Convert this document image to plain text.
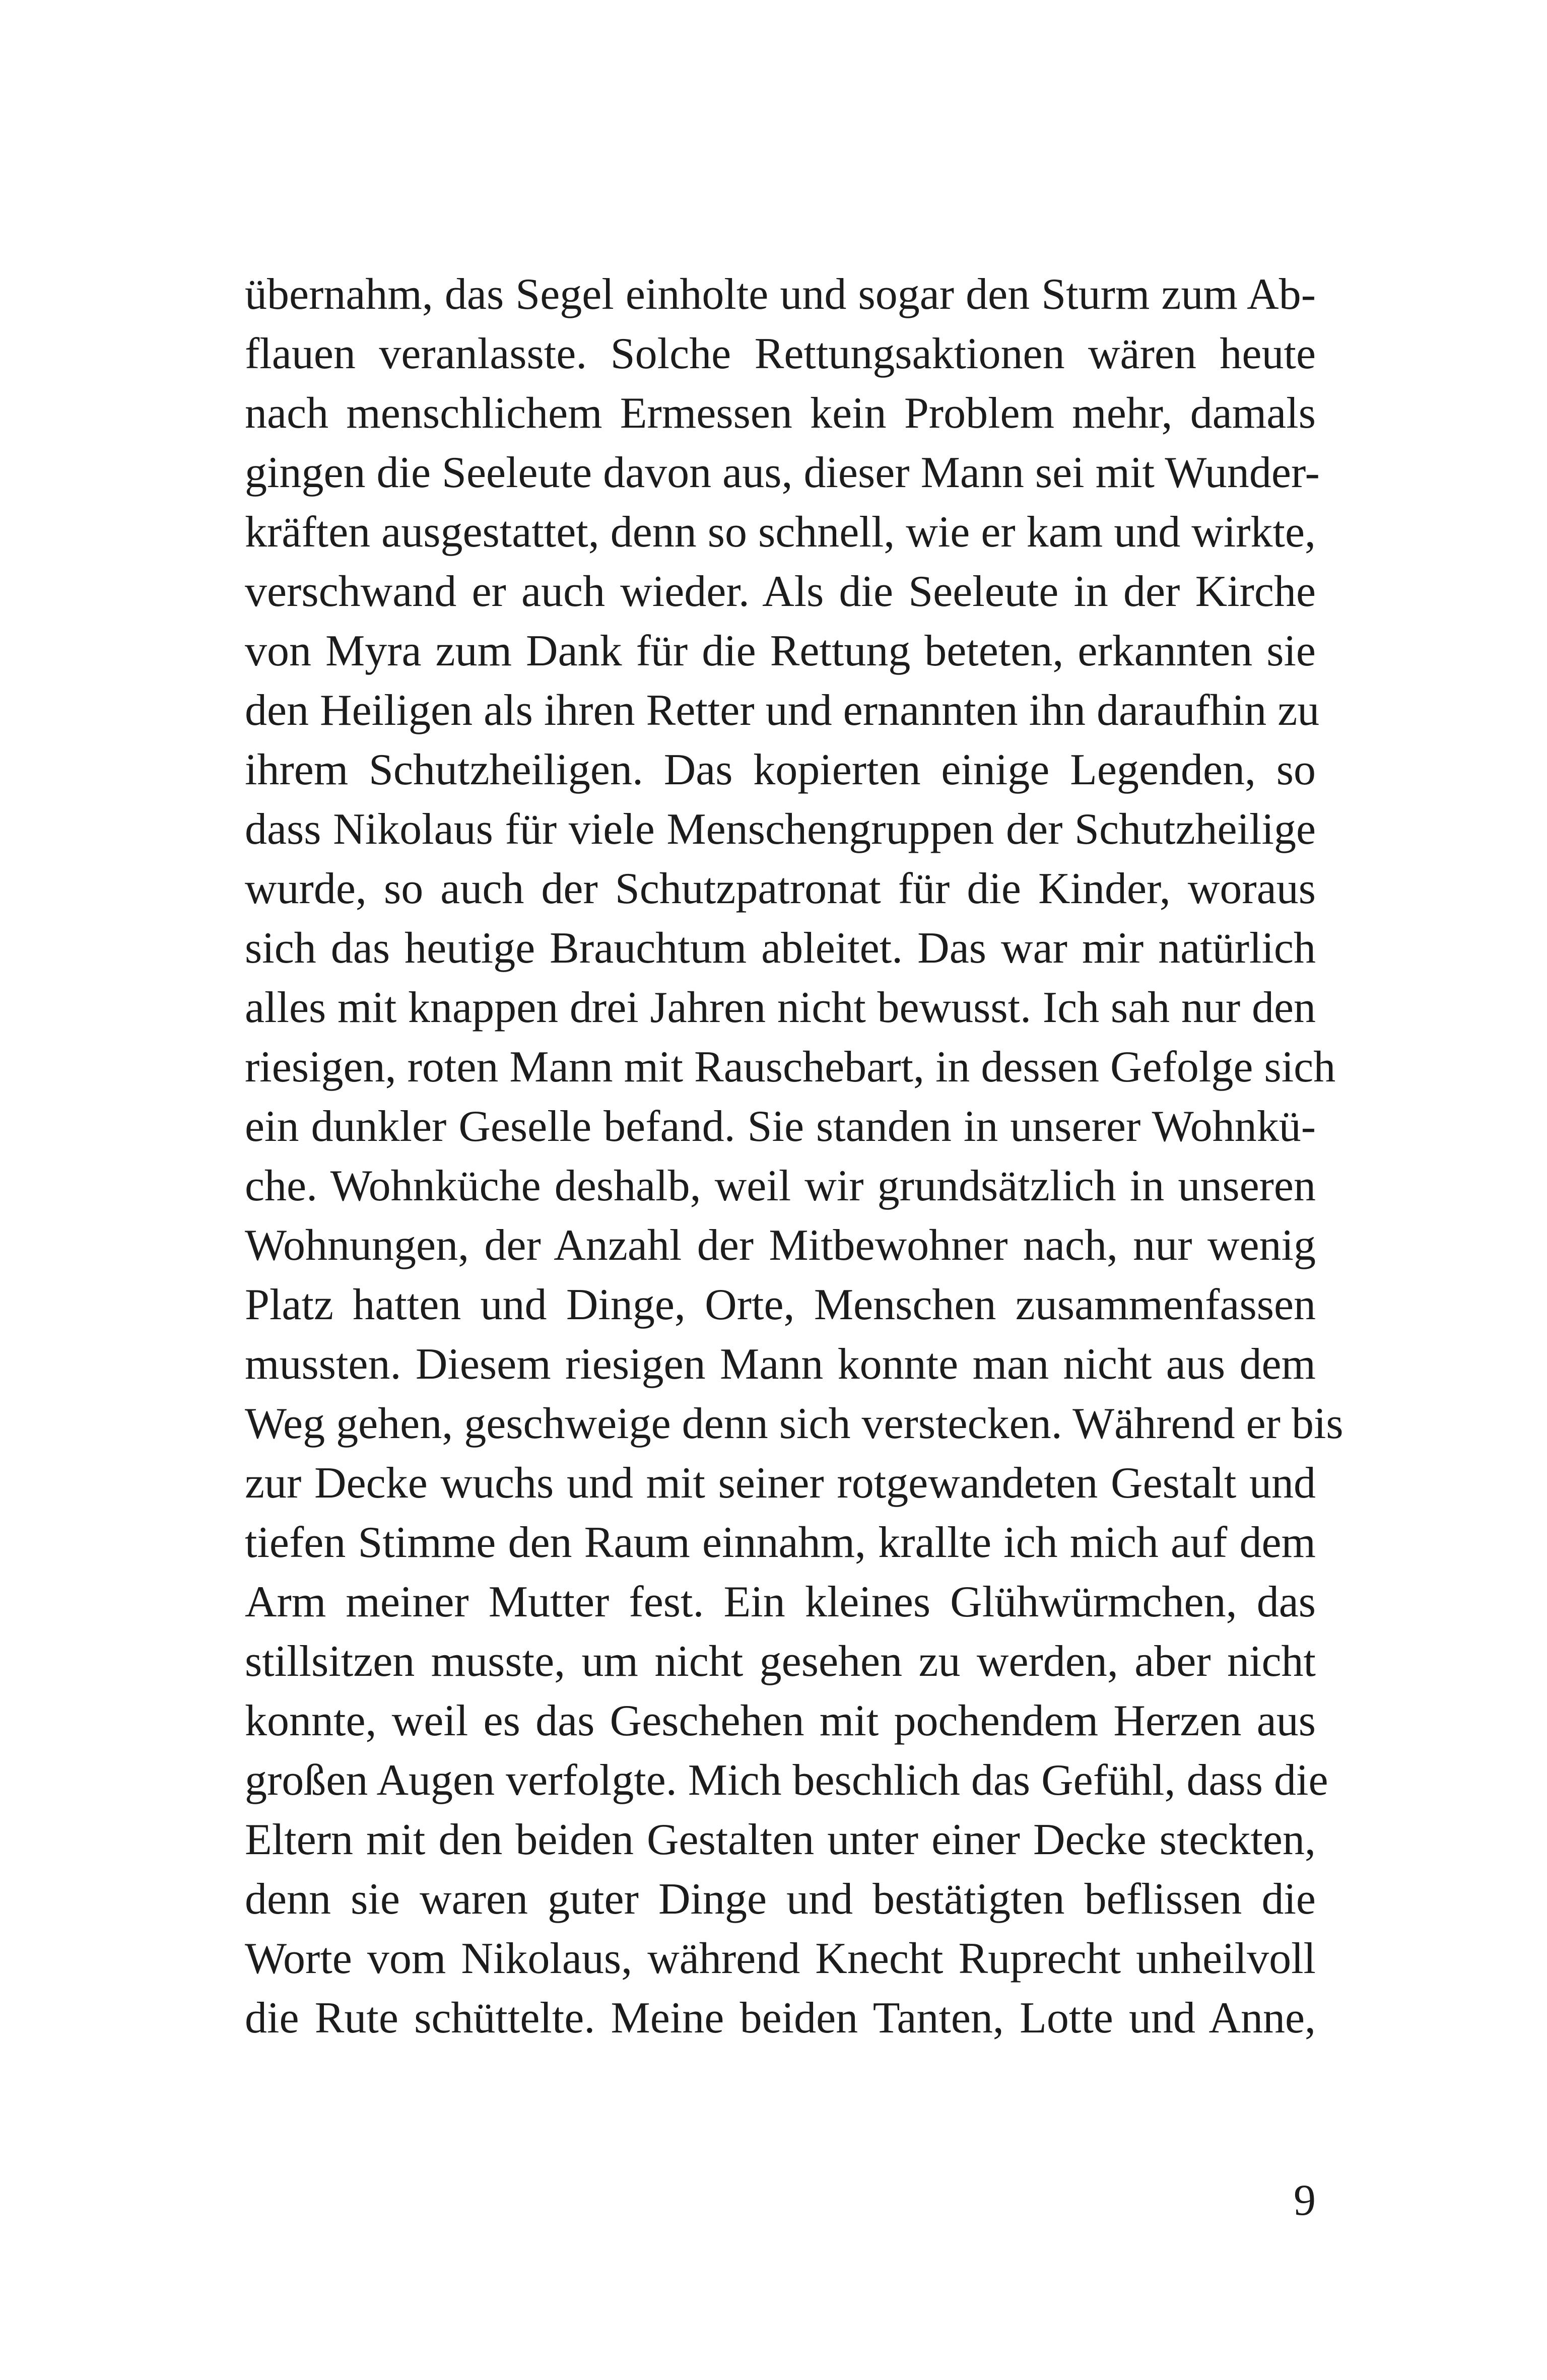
übernahm, das Segel einholte und sogar den Sturm zum Ab-
flauen veranlasste. Solche Rettungsaktionen wären heute
nach menschlichem Ermessen kein Problem mehr, damals
gingen die Seeleute davon aus, dieser Mann sei mit Wunder-
kräften ausgestattet, denn so schnell, wie er kam und wirkte,
verschwand er auch wieder. Als die Seeleute in der Kirche
von Myra zum Dank für die Rettung beteten, erkannten sie
den Heiligen als ihren Retter und ernannten ihn daraufhin zu
ihrem Schutzheiligen. Das kopierten einige Legenden, so
dass Nikolaus für viele Menschengruppen der Schutzheilige
wurde, so auch der Schutzpatronat für die Kinder, woraus
sich das heutige Brauchtum ableitet. Das war mir natürlich
alles mit knappen drei Jahren nicht bewusst. Ich sah nur den
riesigen, roten Mann mit Rauschebart, in dessen Gefolge sich
ein dunkler Geselle befand. Sie standen in unserer Wohnkü-
che. Wohnküche deshalb, weil wir grundsätzlich in unseren
Wohnungen, der Anzahl der Mitbewohner nach, nur wenig
Platz hatten und Dinge, Orte, Menschen zusammenfassen
mussten. Diesem riesigen Mann konnte man nicht aus dem
Weg gehen, geschweige denn sich verstecken. Während er bis
zur Decke wuchs und mit seiner rotgewandeten Gestalt und
tiefen Stimme den Raum einnahm, krallte ich mich auf dem
Arm meiner Mutter fest. Ein kleines Glühwürmchen, das
stillsitzen musste, um nicht gesehen zu werden, aber nicht
konnte, weil es das Geschehen mit pochendem Herzen aus
großen Augen verfolgte. Mich beschlich das Gefühl, dass die
Eltern mit den beiden Gestalten unter einer Decke steckten,
denn sie waren guter Dinge und bestätigten beflissen die
Worte vom Nikolaus, während Knecht Ruprecht unheilvoll
die Rute schüttelte. Meine beiden Tanten, Lotte und Anne,
9
